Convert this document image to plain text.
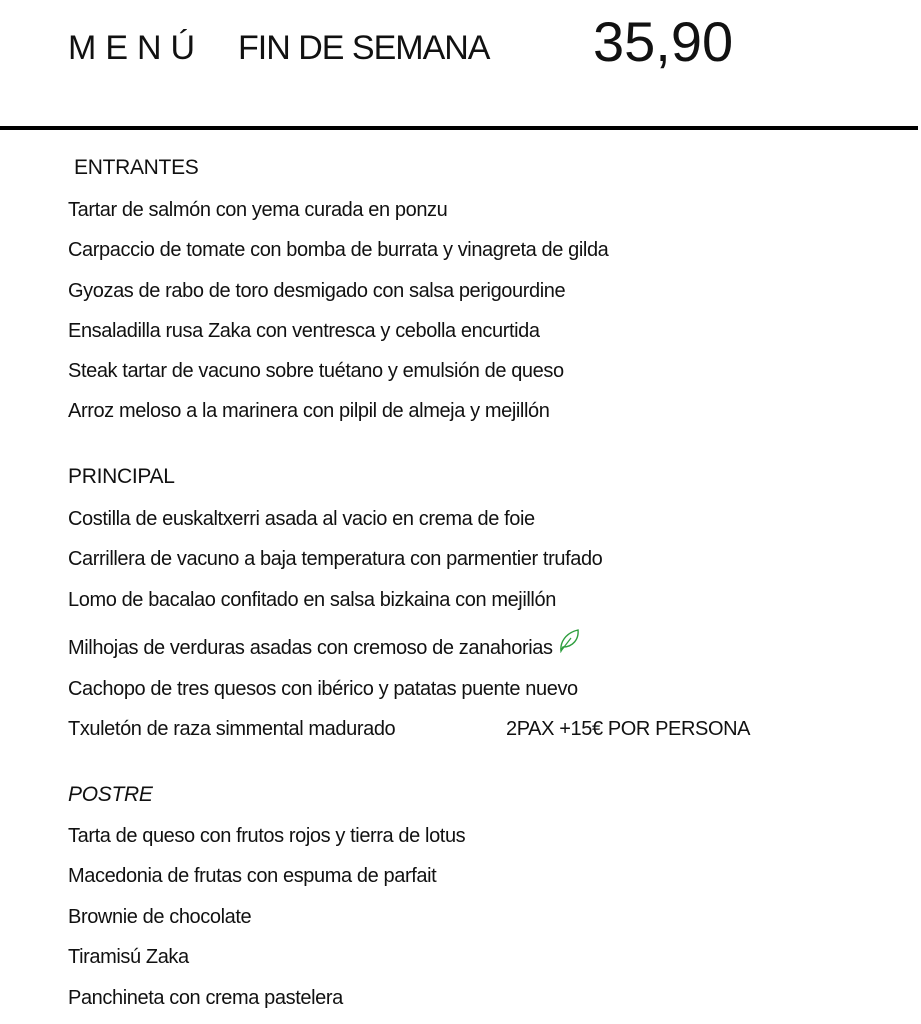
MENÚ FIN DE SEMANA 35,90
ENTRANTES
Tartar de salmón con yema curada en ponzu
Carpaccio de tomate con bomba de burrata y vinagreta de gilda
Gyozas de rabo de toro desmigado con salsa perigourdine
Ensaladilla rusa Zaka con ventresca y cebolla encurtida
Steak tartar de vacuno sobre tuétano y emulsión de queso
Arroz meloso a la marinera con pilpil de almeja y mejillón
PRINCIPAL
Costilla de euskaltxerri asada al vacio en crema de foie
Carrillera de vacuno a baja temperatura con parmentier trufado
Lomo de bacalao confitado en salsa bizkaina con mejillón
Milhojas de verduras asadas con cremoso de zanahorias
Cachopo de tres quesos con ibérico y patatas puente nuevo
Txuletón de raza simmental madurado	2PAX +15€ POR PERSONA
POSTRE
Tarta de queso con frutos rojos y tierra de lotus
Macedonia de frutas con espuma de parfait
Brownie de chocolate
Tiramisú Zaka
Panchineta con crema pastelera
